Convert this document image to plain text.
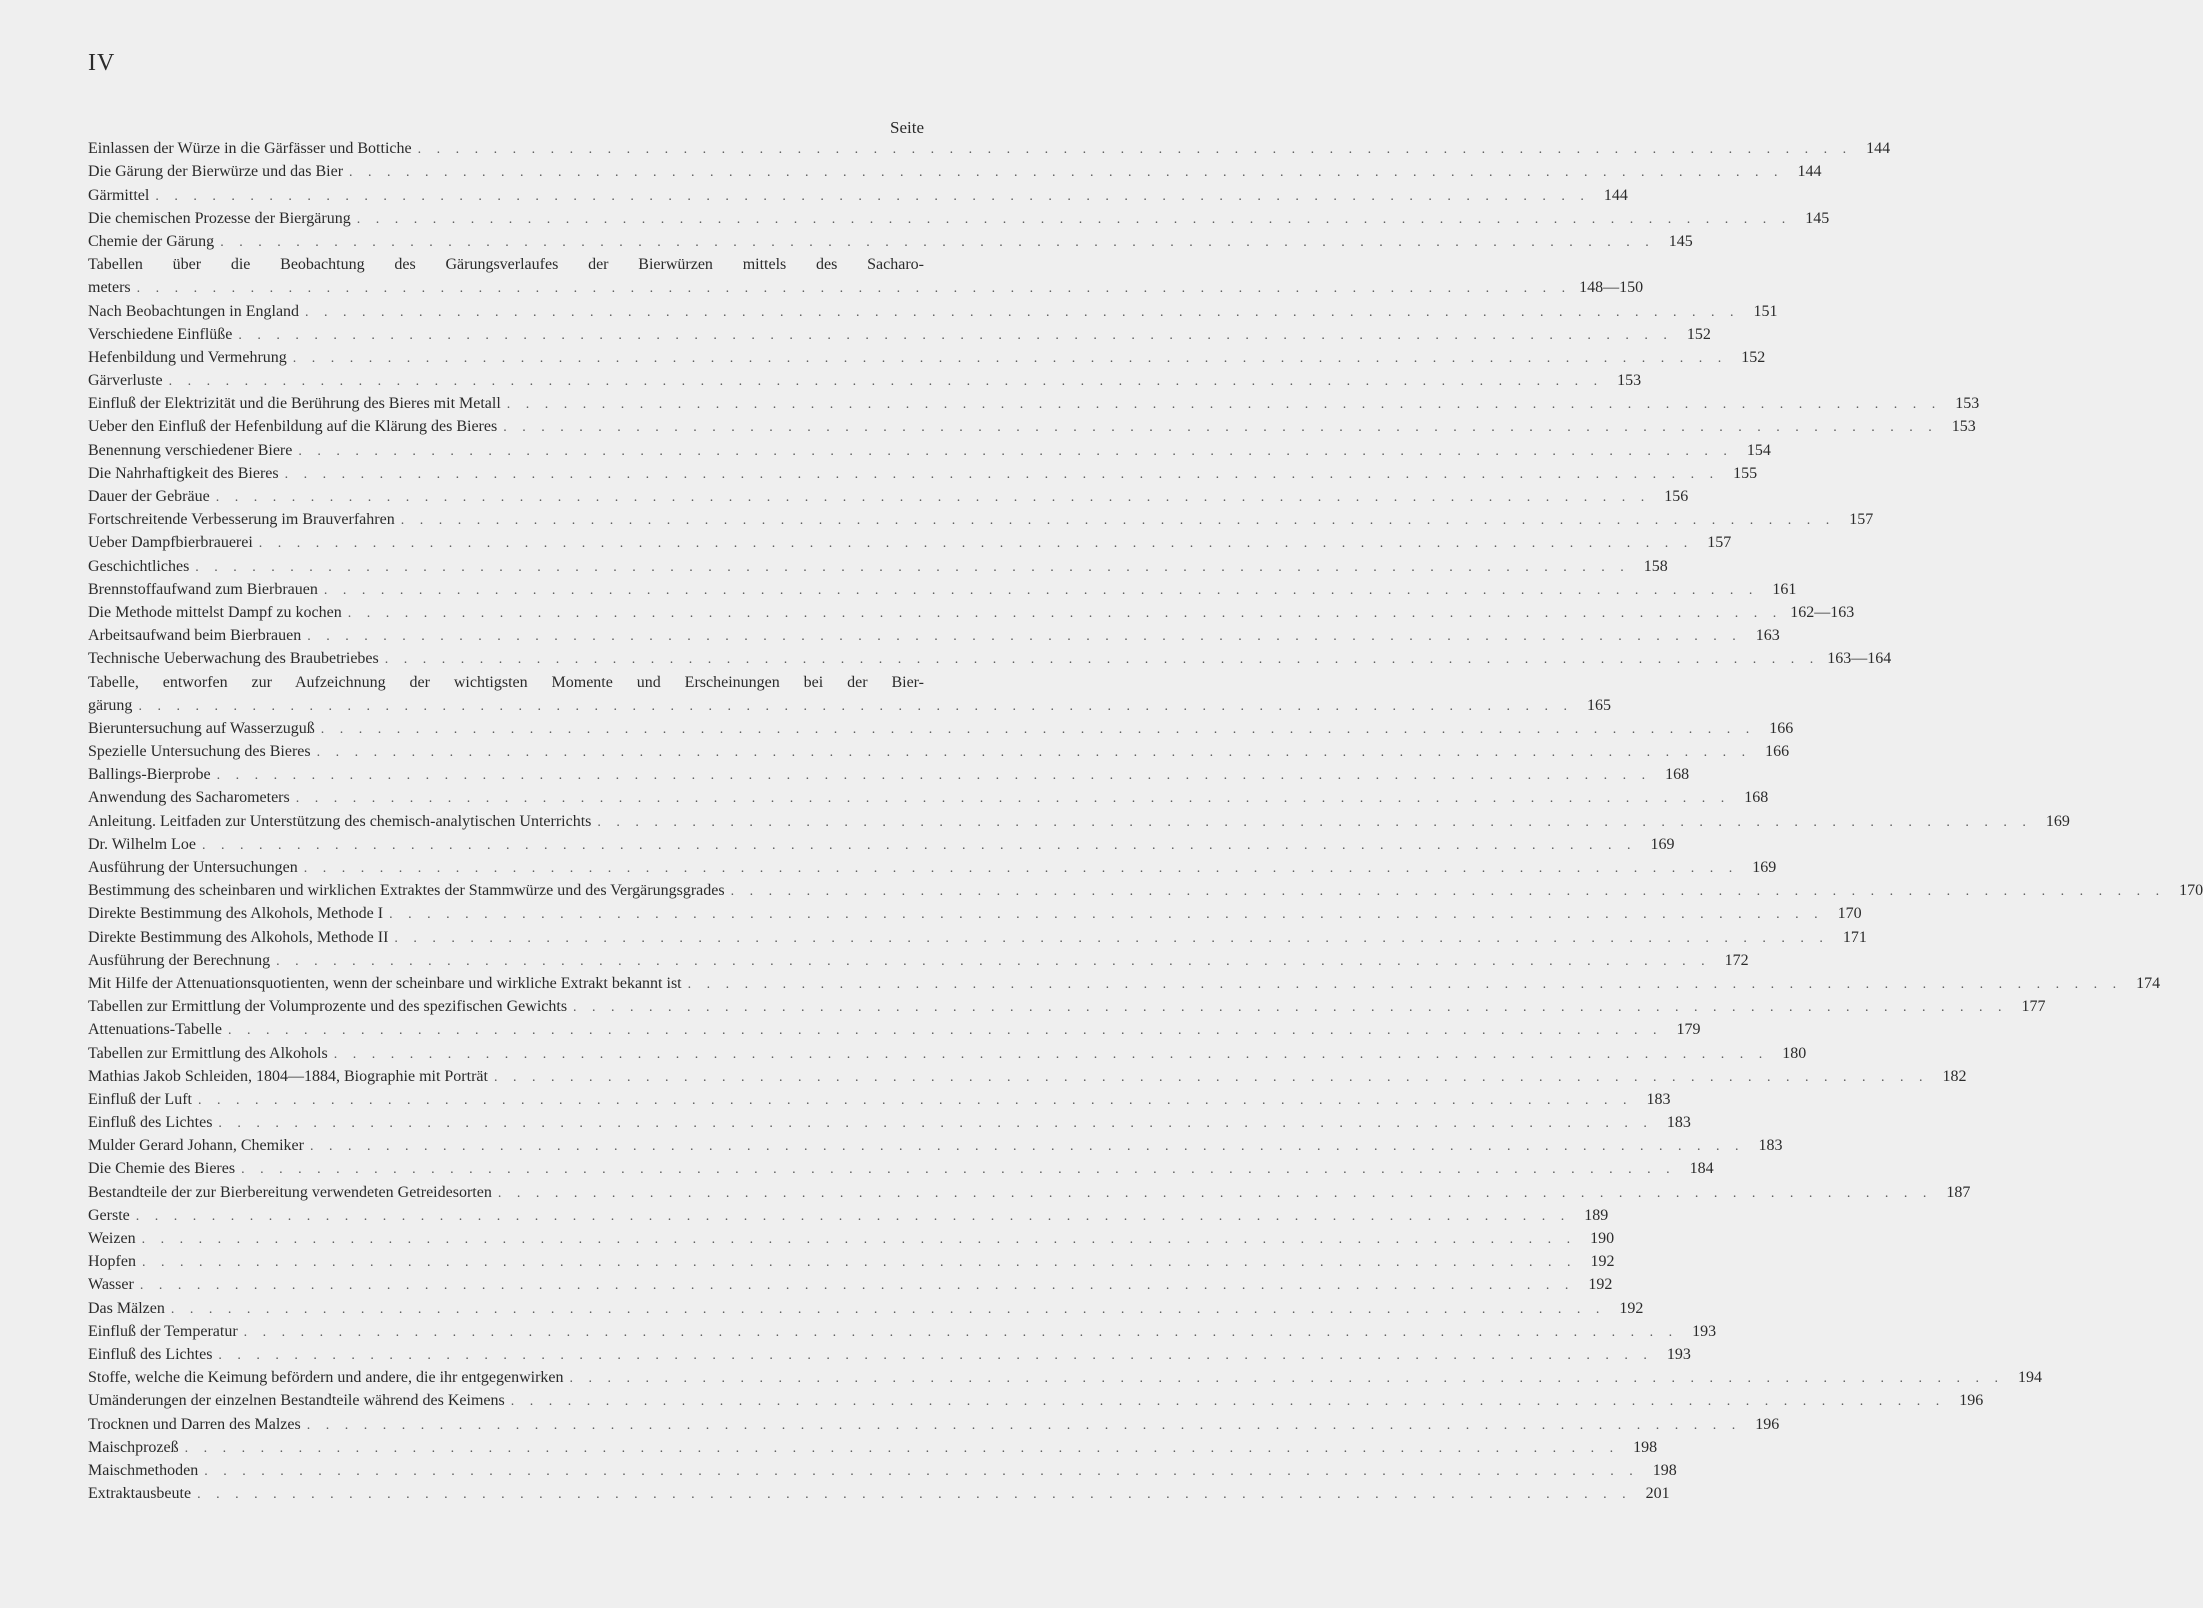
IV
Seite
Einlassen der Würze in die Gärfässer und Bottiche . . .	144
Die Gärung der Bierwürze und das Bier . . .	144
Gärmittel . . .	144
Die chemischen Prozesse der Biergärung . . .	145
Chemie der Gärung . . .	145
Tabellen über die Beobachtung des Gärungsverlaufes der Bierwürzen mittels des Sacharo-
meters . . .	148—150
Nach Beobachtungen in England . . .	151
Verschiedene Einflüße . . .	152
Hefenbildung und Vermehrung . . .	152
Gärverluste . . .	153
Einfluß der Elektrizität und die Berührung des Bieres mit Metall . . .	153
Ueber den Einfluß der Hefenbildung auf die Klärung des Bieres . . .	153
Benennung verschiedener Biere . . .	154
Die Nahrhaftigkeit des Bieres . . .	155
Dauer der Gebräue . . .	156
Fortschreitende Verbesserung im Brauverfahren . . .	157
Ueber Dampfbierbrauerei . . .	157
Geschichtliches . . .	158
Brennstoffaufwand zum Bierbrauen . . .	161
Die Methode mittelst Dampf zu kochen . . .	162—163
Arbeitsaufwand beim Bierbrauen . . .	163
Technische Ueberwachung des Braubetriebes . . .	163—164
Tabelle, entworfen zur Aufzeichnung der wichtigsten Momente und Erscheinungen bei der Bier-
gärung . . .	165
Bieruntersuchung auf Wasserzuguß . . .	166
Spezielle Untersuchung des Bieres . . .	166
Ballings-Bierprobe . . .	168
Anwendung des Sacharometers . . .	168
Anleitung. Leitfaden zur Unterstützung des chemisch-analytischen Unterrichts . . .	169
Dr. Wilhelm Loe . . .	169
Ausführung der Untersuchungen . . .	169
Bestimmung des scheinbaren und wirklichen Extraktes der Stammwürze und des Vergärungsgrades . . .	170
Direkte Bestimmung des Alkohols, Methode I . . .	170
Direkte Bestimmung des Alkohols, Methode II . . .	171
Ausführung der Berechnung . . .	172
Mit Hilfe der Attenuationsquotienten, wenn der scheinbare und wirkliche Extrakt bekannt ist . . .	174
Tabellen zur Ermittlung der Volumprozente und des spezifischen Gewichts . . .	177
Attenuations-Tabelle . . .	179
Tabellen zur Ermittlung des Alkohols . . .	180
Mathias Jakob Schleiden, 1804—1884, Biographie mit Porträt . . .	182
Einfluß der Luft . . .	183
Einfluß des Lichtes . . .	183
Mulder Gerard Johann, Chemiker . . .	183
Die Chemie des Bieres . . .	184
Bestandteile der zur Bierbereitung verwendeten Getreidesorten . . .	187
Gerste . . .	189
Weizen . . .	190
Hopfen . . .	192
Wasser . . .	192
Das Mälzen . . .	192
Einfluß der Temperatur . . .	193
Einfluß des Lichtes . . .	193
Stoffe, welche die Keimung befördern und andere, die ihr entgegenwirken . . .	194
Umänderungen der einzelnen Bestandteile während des Keimens . . .	196
Trocknen und Darren des Malzes . . .	196
Maischprozeß . . .	198
Maischmethoden . . .	198
Extraktausbeute . . .	201
